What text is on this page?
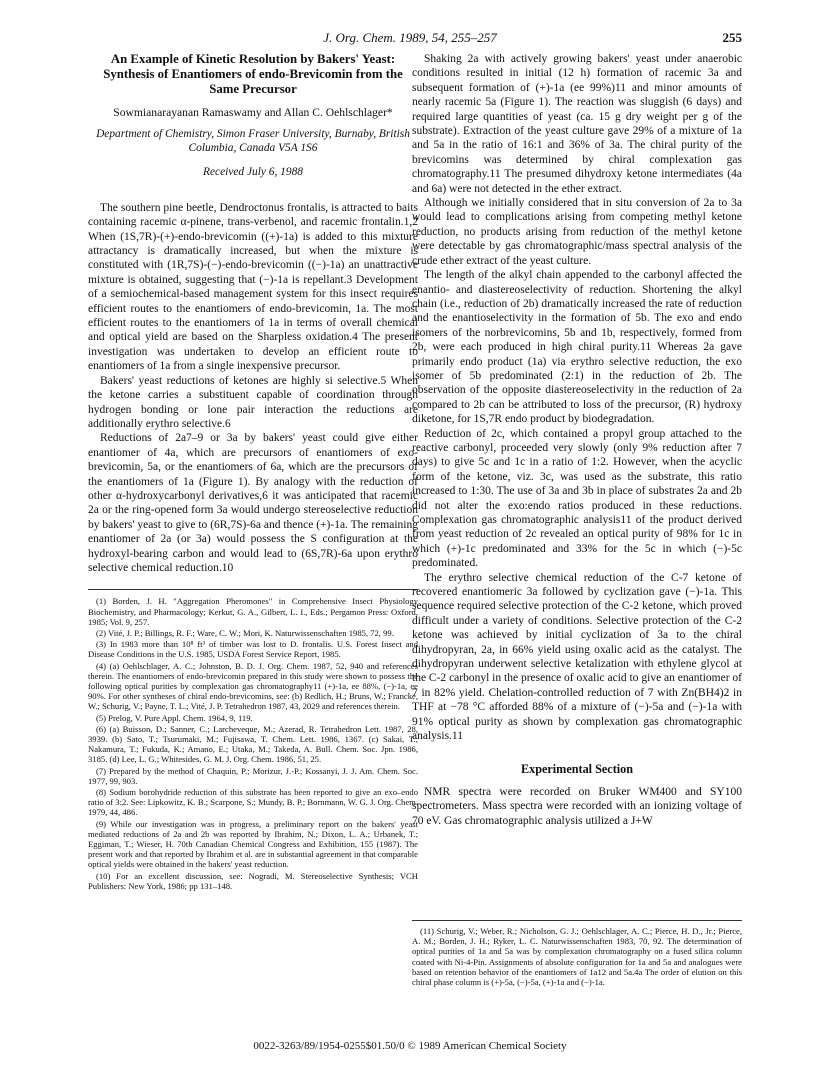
J. Org. Chem. 1989, 54, 255–257	255
An Example of Kinetic Resolution by Bakers' Yeast: Synthesis of Enantiomers of endo-Brevicomin from the Same Precursor
Sowmianarayanan Ramaswamy and Allan C. Oehlschlager*
Department of Chemistry, Simon Fraser University, Burnaby, British Columbia, Canada V5A 1S6
Received July 6, 1988

The southern pine beetle, Dendroctonus frontalis, is attracted to baits containing racemic α-pinene, trans-verbenol, and racemic frontalin.1,2 When (1S,7R)-(+)-endo-brevicomin ((+)-1a) is added to this mixture attractancy is dramatically increased, but when the mixture is constituted with (1R,7S)-(−)-endo-brevicomin ((−)-1a) an unattractive mixture is obtained, suggesting that (−)-1a is repellant.3 Development of a semiochemical-based management system for this insect requires efficient routes to the enantiomers of endo-brevicomin, 1a. The most efficient routes to the enantiomers of 1a in terms of overall chemical and optical yield are based on the Sharpless oxidation.4 The present investigation was undertaken to develop an efficient route to enantiomers of 1a from a single inexpensive precursor.

Bakers' yeast reductions of ketones are highly si selective.5 When the ketone carries a substituent capable of coordination through hydrogen bonding or lone pair interaction the reductions are additionally erythro selective.6

Reductions of 2a7–9 or 3a by bakers' yeast could give either enantiomer of 4a, which are precursors of enantiomers of exo-brevicomin, 5a, or the enantiomers of 6a, which are the precursors of the enantiomers of 1a (Figure 1). By analogy with the reduction of other α-hydroxycarbonyl derivatives,6 it was anticipated that racemic 2a or the ring-opened form 3a would undergo stereoselective reduction by bakers' yeast to give to (6R,7S)-6a and thence (+)-1a. The remaining enantiomer of 2a (or 3a) would possess the S configuration at the hydroxyl-bearing carbon and would lead to (6S,7R)-6a upon erythro selective chemical reduction.10

(1) Borden, J. H. "Aggregation Pheromones" in Comprehensive Insect Physiology Biochemistry, and Pharmacology; Kerkut, G. A., Gilbert, L. I., Eds.; Pergamon Press: Oxford, 1985; Vol. 9, 257.

(2) Vité, J. P.; Billings, R. F.; Ware, C. W.; Mori, K. Naturwissenschaften 1985, 72, 99.

(3) In 1983 more than 10⁸ ft³ of timber was lost to D. frontalis. U.S. Forest Insect and Disease Conditions in the U.S. 1985, USDA Forest Service Report, 1985.

(4) (a) Oehlschlager, A. C.; Johnston, B. D. J. Org. Chem. 1987, 52, 940 and references therein. The enantiomers of endo-brevicomin prepared in this study were shown to possess the following optical purities by complexation gas chromatography11 (+)-1a, ee 88%, (−)-1a, ee 90%. For other syntheses of chiral endo-brevicomins, see: (b) Redlich, H.; Bruns, W.; Francke, W.; Schurig, V.; Payne, T. L.; Vité, J. P. Tetrahedron 1987, 43, 2029 and references therein.

(5) Prelog, V. Pure Appl. Chem. 1964, 9, 119.

(6) (a) Buisson, D.; Sanner, C.; Larcheveque, M.; Azerad, R. Tetrahedron Lett. 1987, 28, 3939. (b) Sato, T.; Tsurumaki, M.; Fujisawa, T. Chem. Lett. 1986, 1367. (c) Sakai, T.; Nakamura, T.; Fukuda, K.; Amano, E.; Utaka, M.; Takeda, A. Bull. Chem. Soc. Jpn. 1986, 3185. (d) Lee, L. G.; Whitesides, G. M. J. Org. Chem. 1986, 51, 25.

(7) Prepared by the method of Chaquin, P.; Morizur, J.-P.; Kossanyi, J. J. Am. Chem. Soc. 1977, 99, 903.

(8) Sodium borohydride reduction of this substrate has been reported to give an exo–endo ratio of 3:2. See: Lipkowitz, K. B.; Scarpone, S.; Mundy, B. P.; Bornmann, W. G. J. Org. Chem. 1979, 44, 486.

(9) While our investigation was in progress, a preliminary report on the bakers' yeast mediated reductions of 2a and 2b was reported by Ibrahim, N.; Dixon, L. A.; Urbanek, T.; Eggiman, T.; Wieser, H. 70th Canadian Chemical Congress and Exhibition, 155 (1987). The present work and that reported by Ibrahim et al. are in substantial agreement in that comparable optical yields were obtained in the bakers' yeast reduction.

(10) For an excellent discussion, see: Nogradi, M. Stereoselective Synthesis; VCH Publishers: New York, 1986; pp 131–148.

Shaking 2a with actively growing bakers' yeast under anaerobic conditions resulted in initial (12 h) formation of racemic 3a and subsequent formation of (+)-1a (ee 99%)11 and minor amounts of nearly racemic 5a (Figure 1). The reaction was sluggish (6 days) and required large quantities of yeast (ca. 15 g dry weight per g of the substrate). Extraction of the yeast culture gave 29% of a mixture of 1a and 5a in the ratio of 16:1 and 36% of 3a. The chiral purity of the brevicomins was determined by chiral complexation gas chromatography.11 The presumed dihydroxy ketone intermediates (4a and 6a) were not detected in the ether extract.

Although we initially considered that in situ conversion of 2a to 3a would lead to complications arising from competing methyl ketone reduction, no products arising from reduction of the methyl ketone were detectable by gas chromatographic/mass spectral analysis of the crude ether extract of the yeast culture.

The length of the alkyl chain appended to the carbonyl affected the enantio- and diastereoselectivity of reduction. Shortening the alkyl chain (i.e., reduction of 2b) dramatically increased the rate of reduction and the enantioselectivity in the formation of 5b. The exo and endo isomers of the norbrevicomins, 5b and 1b, respectively, formed from 2b, were each produced in high chiral purity.11 Whereas 2a gave primarily endo product (1a) via erythro selective reduction, the exo isomer of 5b predominated (2:1) in the reduction of 2b. The observation of the opposite diastereoselectivity in the reduction of 2a compared to 2b can be attributed to loss of the precursor, (R) hydroxy diketone, for 1S,7R endo product by biodegradation.

Reduction of 2c, which contained a propyl group attached to the reactive carbonyl, proceeded very slowly (only 9% reduction after 7 days) to give 5c and 1c in a ratio of 1:2. However, when the acyclic form of the ketone, viz. 3c, was used as the substrate, this ratio increased to 1:30. The use of 3a and 3b in place of substrates 2a and 2b did not alter the exo:endo ratios produced in these reductions. Complexation gas chromatographic analysis11 of the product derived from yeast reduction of 2c revealed an optical purity of 98% for 1c in which (+)-1c predominated and 33% for the 5c in which (−)-5c predominated.

The erythro selective chemical reduction of the C-7 ketone of recovered enantiomeric 3a followed by cyclization gave (−)-1a. This sequence required selective protection of the C-2 ketone, which proved difficult under a variety of conditions. Selective protection of the C-2 ketone was achieved by initial cyclization of 3a to the chiral dihydropyran, 2a, in 66% yield using oxalic acid as the catalyst. The dihydropyran underwent selective ketalization with ethylene glycol at the C-2 carbonyl in the presence of oxalic acid to give an enantiomer of 7 in 82% yield. Chelation-controlled reduction of 7 with Zn(BH4)2 in THF at −78 °C afforded 88% of a mixture of (−)-5a and (−)-1a with 91% optical purity as shown by complexation gas chromatographic analysis.11

Experimental Section

NMR spectra were recorded on Bruker WM400 and SY100 spectrometers. Mass spectra were recorded with an ionizing voltage of 70 eV. Gas chromatographic analysis utilized a J+W

(11) Schurig, V.; Weber, R.; Nicholson, G. J.; Oehlschlager, A. C.; Pierce, H. D., Jr.; Pierce, A. M.; Borden, J. H.; Ryker, L. C. Naturwissenschaften 1983, 70, 92. The determination of optical purities of 1a and 5a was by complexation chromatography on a fused silica column coated with Ni-4-Pin. Assignments of absolute configuration for 1a and 5a and analogues were based on retention behavior of the enantiomers of 1a12 and 5a.4a The order of elution on this chiral phase column is (+)-5a, (−)-5a, (+)-1a and (−)-1a.

0022-3263/89/1954-0255$01.50/0 © 1989 American Chemical Society
